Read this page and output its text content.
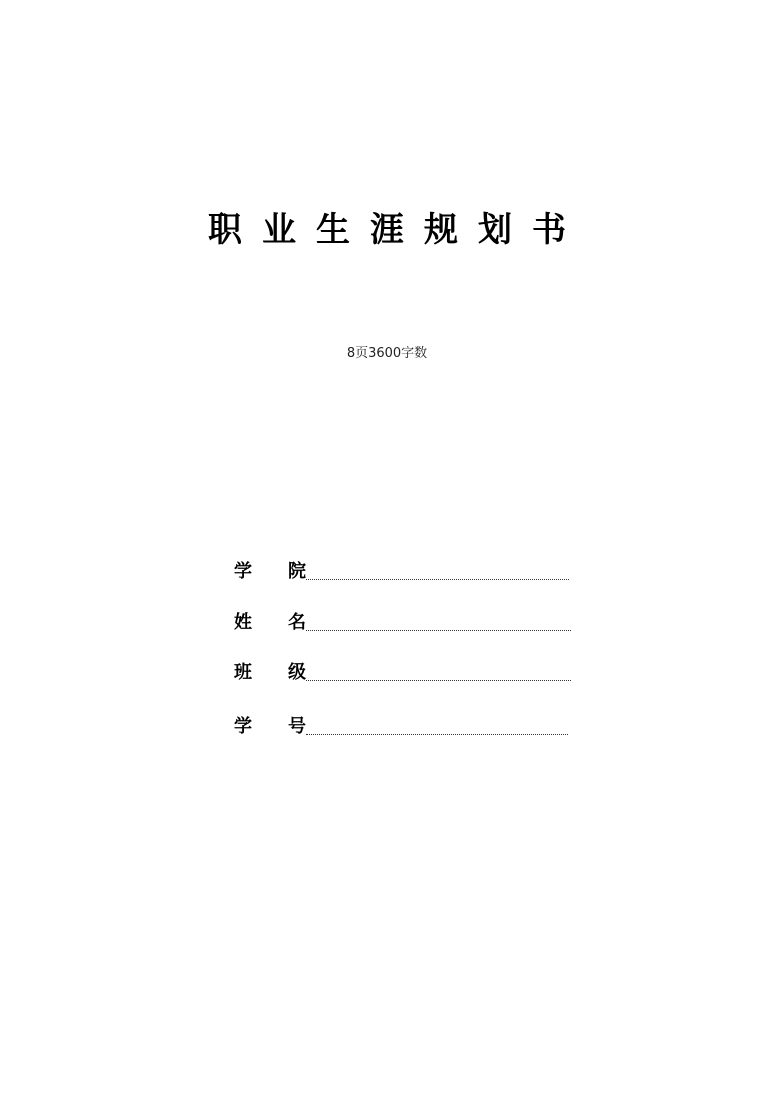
职业生涯规划书
8页3600字数
学 院
姓 名
班 级
学 号
